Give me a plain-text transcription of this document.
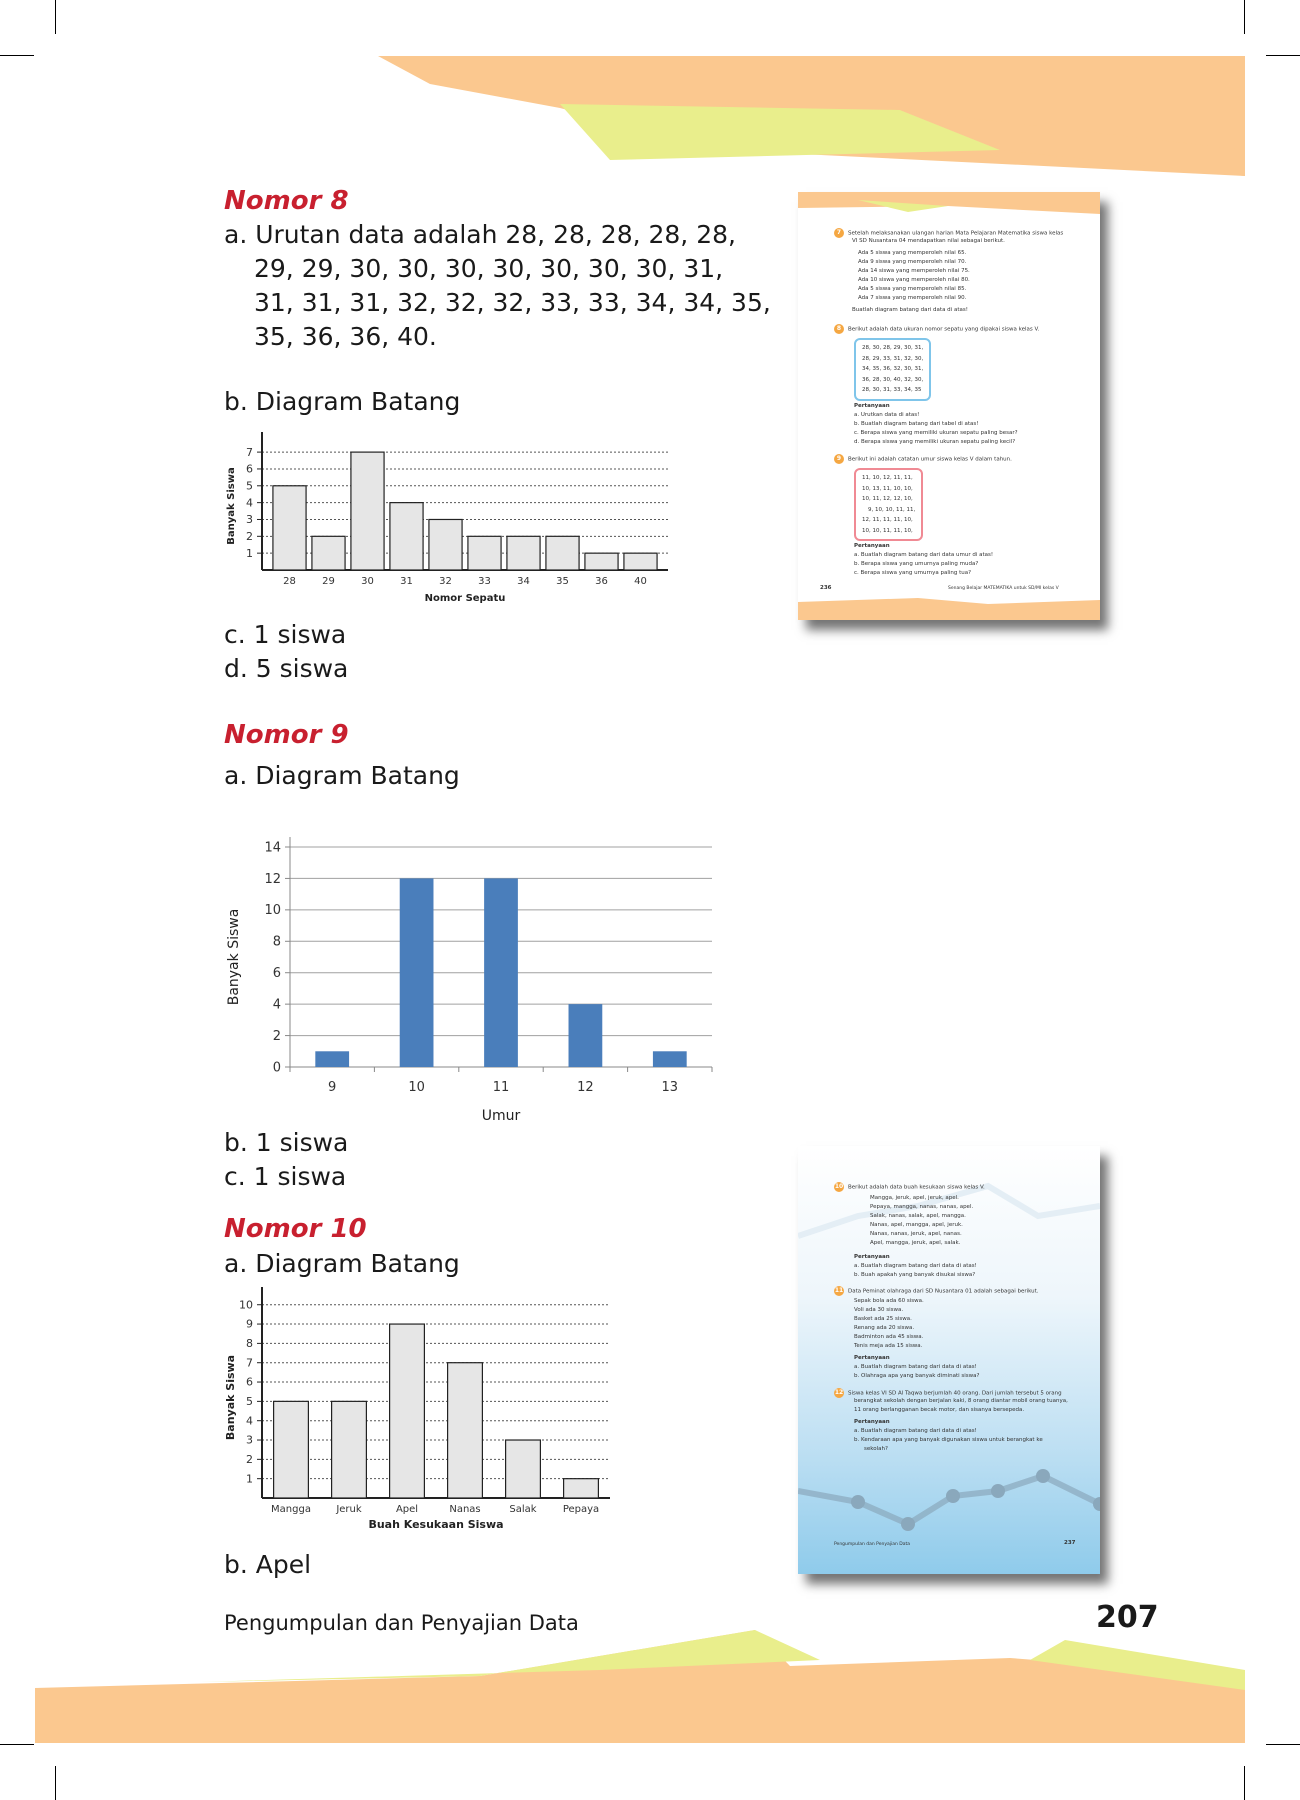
Nomor 8
a. Urutan data adalah 28, 28, 28, 28, 28,
29, 29, 30, 30, 30, 30, 30, 30, 30, 31,
31, 31, 31, 32, 32, 32, 33, 33, 34, 34, 35,
35, 36, 36, 40.
b. Diagram Batang
1
2
3
4
5
6
7
28	29	30	31	32	33	34	35	36	40
Nomor Sepatu
Banyak Siswa
c. 1 siswa
d. 5 siswa
Nomor 9
a. Diagram Batang
0
2
4
6
8
10
12
14
9	10	11	12	13
Umur
Banyak Siswa
b. 1 siswa
c. 1 siswa
Nomor 10
a. Diagram Batang
1
2
3
4
5
6
7
8
9
10
Mangga	Jeruk	Apel	Nanas	Salak	Pepaya
Buah Kesukaan Siswa
Banyak Siswa
b. Apel
Pengumpulan dan Penyajian Data	207
7 Setelah melaksanakan ulangan harian Mata Pelajaran Matematika siswa kelas
VI SD Nusantara 04 mendapatkan nilai sebagai berikut.
Ada 5 siswa yang memperoleh nilai 65.
Ada 9 siswa yang memperoleh nilai 70.
Ada 14 siswa yang memperoleh nilai 75.
Ada 10 siswa yang memperoleh nilai 80.
Ada 5 siswa yang memperoleh nilai 85.
Ada 7 siswa yang memperoleh nilai 90.
Buatlah diagram batang dari data di atas!
8 Berikut adalah data ukuran nomor sepatu yang dipakai siswa kelas V.
28, 30, 28, 29, 30, 31,
28, 29, 33, 31, 32, 30,
34, 35, 36, 32, 30, 31,
36, 28, 30, 40, 32, 30,
28, 30, 31, 33, 34, 35
Pertanyaan
a. Urutkan data di atas!
b. Buatlah diagram batang dari tabel di atas!
c. Berapa siswa yang memiliki ukuran sepatu paling besar?
d. Berapa siswa yang memiliki ukuran sepatu paling kecil?
9 Berikut ini adalah catatan umur siswa kelas V dalam tahun.
11, 10, 12, 11, 11,
10, 13, 11, 10, 10,
10, 11, 12, 12, 10,
9, 10, 10, 11, 11,
12, 11, 11, 11, 10,
10, 10, 11, 11, 10,
Pertanyaan
a. Buatlah diagram batang dari data umur di atas!
b. Berapa siswa yang umurnya paling muda?
c. Berapa siswa yang umurnya paling tua?
236	Senang Belajar MATEMATIKA untuk SD/MI kelas V
10 Berikut adalah data buah kesukaan siswa kelas V.
Mangga, jeruk, apel, jeruk, apel.
Pepaya, mangga, nanas, nanas, apel.
Salak, nanas, salak, apel, mangga.
Nanas, apel, mangga, apel, jeruk.
Nanas, nanas, jeruk, apel, nanas.
Apel, mangga, jeruk, apel, salak.
Pertanyaan
a. Buatlah diagram batang dari data di atas!
b. Buah apakah yang banyak disukai siswa?
11 Data Peminat olahraga dari SD Nusantara 01 adalah sebagai berikut.
Sepak bola ada 60 siswa.
Voli ada 30 siswa.
Basket ada 25 siswa.
Renang ada 20 siswa.
Badminton ada 45 siswa.
Tenis meja ada 15 siswa.
Pertanyaan
a. Buatlah diagram batang dari data di atas!
b. Olahraga apa yang banyak diminati siswa?
12 Siswa kelas VI SD Al Taqwa berjumlah 40 orang. Dari jumlah tersebut 5 orang
berangkat sekolah dengan berjalan kaki, 8 orang diantar mobil orang tuanya,
11 orang berlangganan becak motor, dan sisanya bersepeda.
Pertanyaan
a. Buatlah diagram batang dari data di atas!
b. Kendaraan apa yang banyak digunakan siswa untuk berangkat ke
sekolah?
Pengumpulan dan Penyajian Data	237
